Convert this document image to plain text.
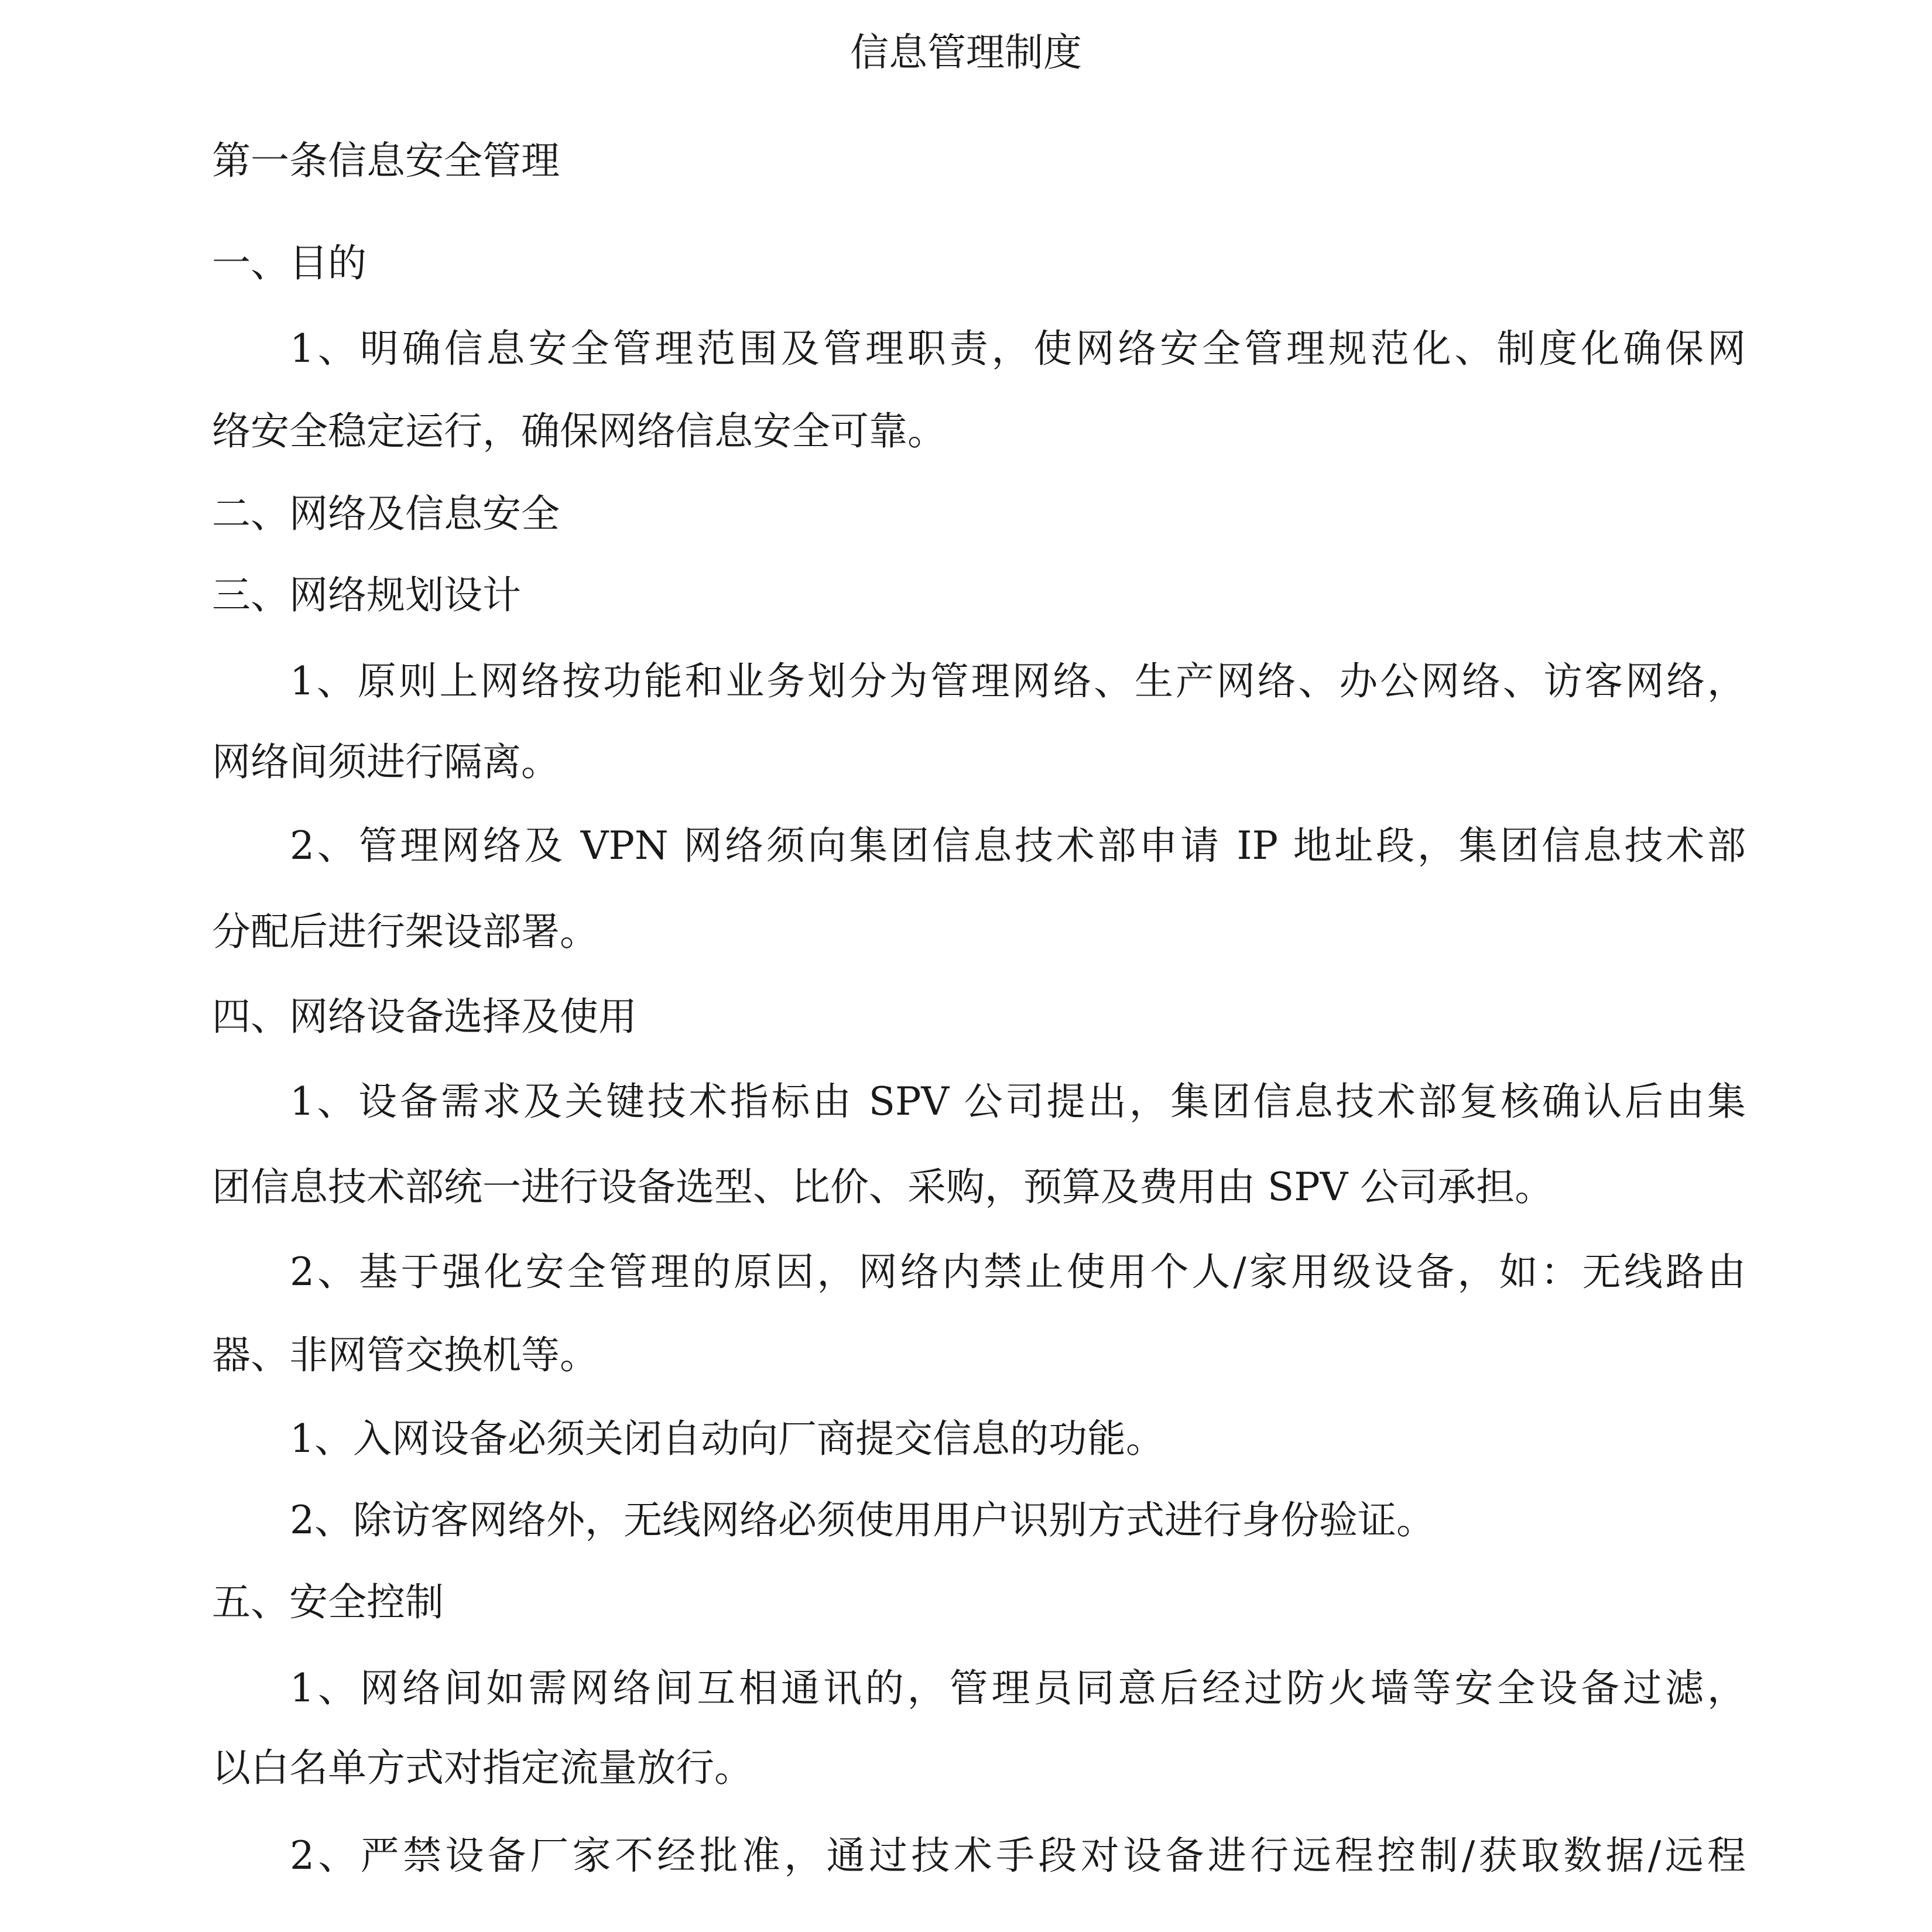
信息管理制度
第一条信息安全管理
一、目的
1、明确信息安全管理范围及管理职责，使网络安全管理规范化、制度化确保网
络安全稳定运行，确保网络信息安全可靠。
二、网络及信息安全
三、网络规划设计
1、原则上网络按功能和业务划分为管理网络、生产网络、办公网络、访客网络，
网络间须进行隔离。
2、管理网络及 VPN 网络须向集团信息技术部申请 IP 地址段，集团信息技术部
分配后进行架设部署。
四、网络设备选择及使用
1、设备需求及关键技术指标由 SPV 公司提出，集团信息技术部复核确认后由集
团信息技术部统一进行设备选型、比价、采购，预算及费用由 SPV 公司承担。
2、基于强化安全管理的原因，网络内禁止使用个人/家用级设备，如：无线路由
器、非网管交换机等。
1、入网设备必须关闭自动向厂商提交信息的功能。
2、除访客网络外，无线网络必须使用用户识别方式进行身份验证。
五、安全控制
1、网络间如需网络间互相通讯的，管理员同意后经过防火墙等安全设备过滤，
以白名单方式对指定流量放行。
2、严禁设备厂家不经批准，通过技术手段对设备进行远程控制/获取数据/远程
